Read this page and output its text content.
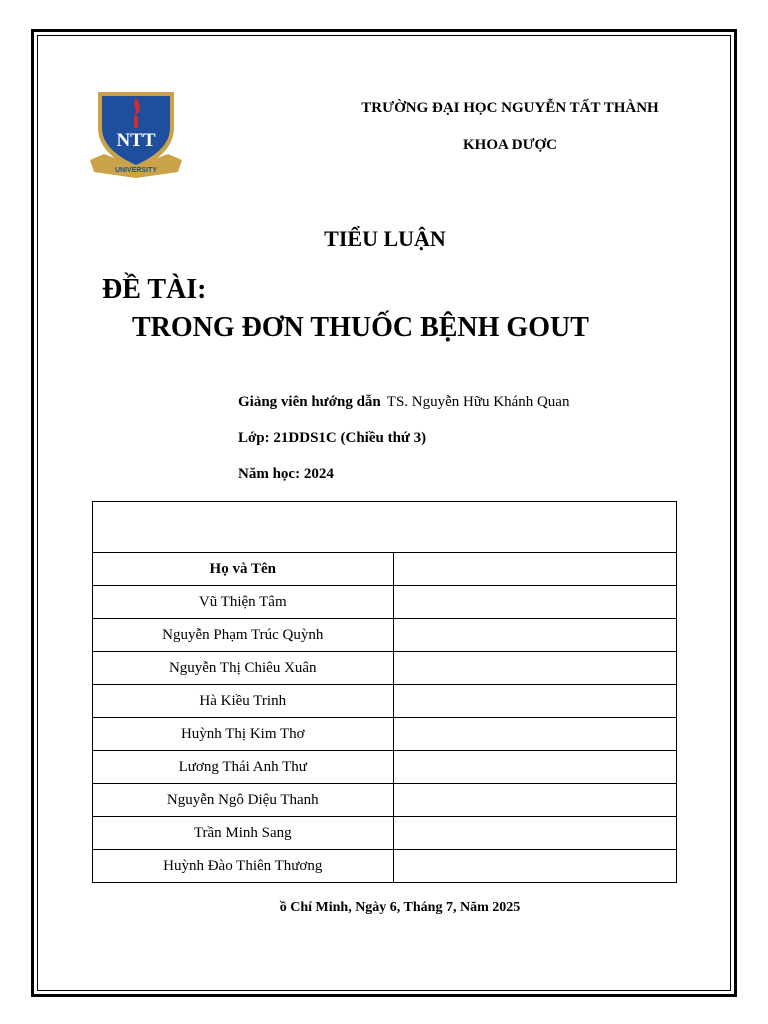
NTT
UNIVERSITY
TRƯỜNG ĐẠI HỌC NGUYỄN TẤT THÀNH
KHOA DƯỢC
TIỂU LUẬN
ĐỀ TÀI:
TRONG ĐƠN THUỐC BỆNH GOUT
Giảng viên hướng dẫn TS. Nguyễn Hữu Khánh Quan
Lớp: 21DDS1C (Chiều thứ 3)
Năm học: 2024

Họ và Tên	
Vũ Thiện Tâm	
Nguyễn Phạm Trúc Quỳnh	
Nguyễn Thị Chiêu Xuân	
Hà Kiều Trinh	
Huỳnh Thị Kim Thơ	
Lương Thái Anh Thư	
Nguyễn Ngô Diệu Thanh	
Trần Minh Sang	
Huỳnh Đào Thiên Thương	
ồ Chí Minh, Ngày 6, Tháng 7, Năm 2025
